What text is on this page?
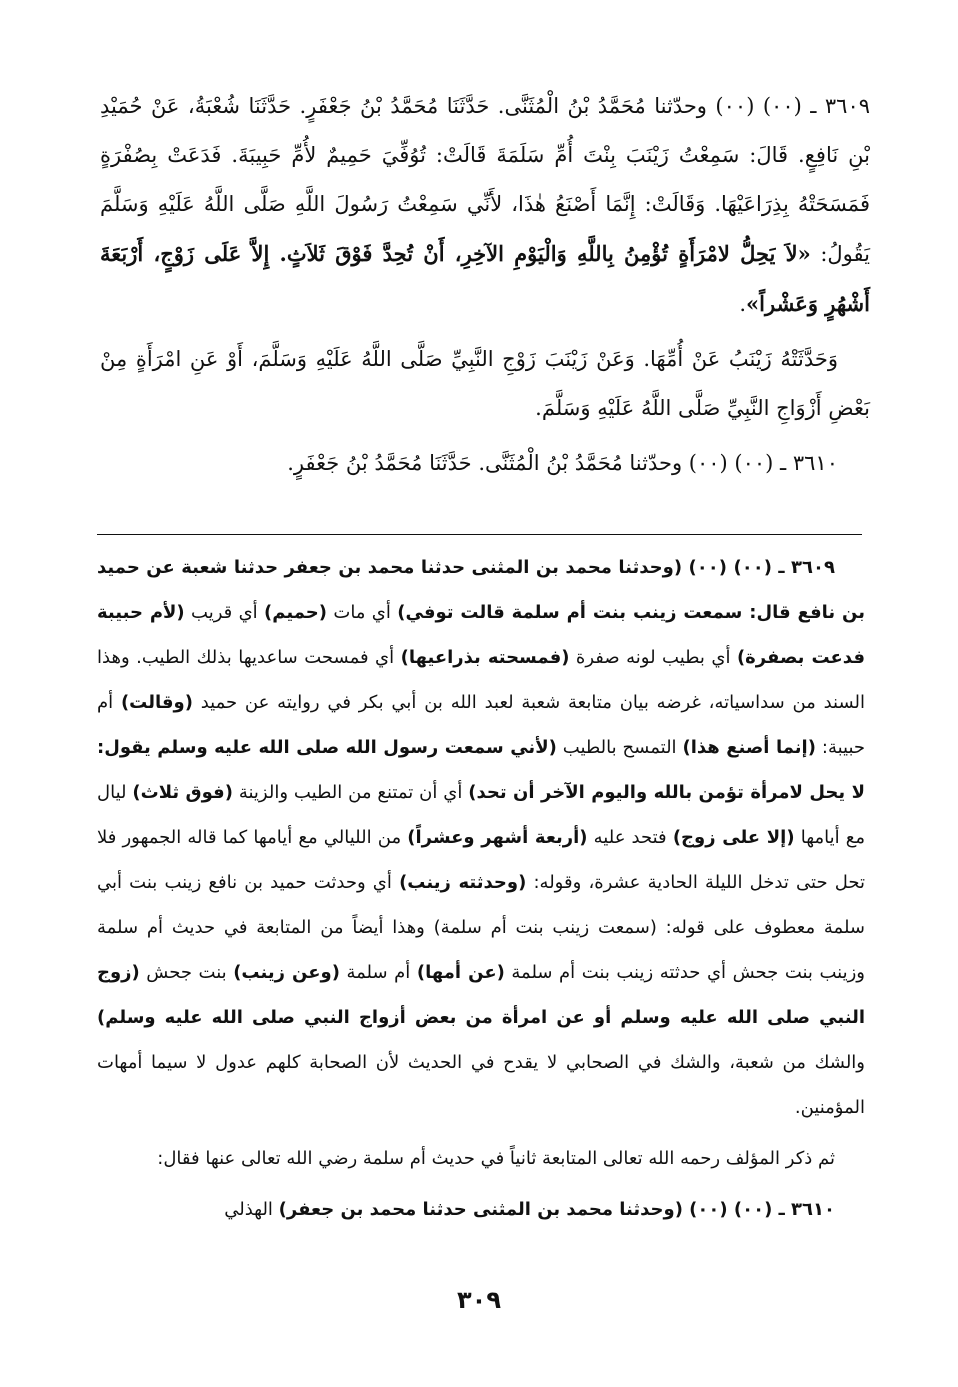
٣٦٠٩ ـ (٠٠) (٠٠) وحدّثنا مُحَمَّدُ بْنُ الْمُثَنَّى. حَدَّثَنَا مُحَمَّدُ بْنُ جَعْفَرٍ. حَدَّثَنَا شُعْبَةُ، عَنْ حُمَيْدِ بْنِ نَافِعٍ. قَالَ: سَمِعْتُ زَيْنَبَ بِنْتَ أُمِّ سَلَمَةَ قَالَتْ: تُوُفِّيَ حَمِيمٌ لأُمِّ حَبِيبَةَ. فَدَعَتْ بِصُفْرَةٍ فَمَسَحَتْهُ بِذِرَاعَيْهَا. وَقَالَتْ: إِنَّمَا أَصْنَعُ هٰذَا، لأَنِّي سَمِعْتُ رَسُولَ اللَّهِ صَلَّى اللَّهُ عَلَيْهِ وَسَلَّمَ يَقُولُ: «لاَ يَحِلُّ لامْرَأَةٍ تُؤْمِنُ بِاللَّهِ وَالْيَوْمِ الآخِرِ، أَنْ تُحِدَّ فَوْقَ ثَلاَثٍ. إِلاَّ عَلَى زَوْجٍ، أَرْبَعَةَ أَشْهُرٍ وَعَشْراً».

وَحَدَّثَتْهُ زَيْنَبُ عَنْ أُمِّهَا. وَعَنْ زَيْنَبَ زَوْجِ النَّبِيِّ صَلَّى اللَّهُ عَلَيْهِ وَسَلَّمَ، أَوْ عَنِ امْرَأَةٍ مِنْ بَعْضِ أَزْوَاجِ النَّبِيِّ صَلَّى اللَّهُ عَلَيْهِ وَسَلَّمَ.

٣٦١٠ ـ (٠٠) (٠٠) وحدّثنا مُحَمَّدُ بْنُ الْمُثَنَّى. حَدَّثَنَا مُحَمَّدُ بْنُ جَعْفَرٍ.

٣٦٠٩ ـ (٠٠) (٠٠) (وحدثنا محمد بن المثنى حدثنا محمد بن جعفر حدثنا شعبة عن حميد بن نافع قال: سمعت زينب بنت أم سلمة قالت توفي) أي مات (حميم) أي قريب (لأم حبيبة فدعت بصفرة) أي بطيب لونه صفرة (فمسحته بذراعيها) أي فمسحت ساعديها بذلك الطيب. وهذا السند من سداسياته، غرضه بيان متابعة شعبة لعبد الله بن أبي بكر في روايته عن حميد (وقالت) أم حبيبة: (إنما أصنع هذا) التمسح بالطيب (لأني سمعت رسول الله صلى الله عليه وسلم يقول: لا يحل لامرأة تؤمن بالله واليوم الآخر أن تحد) أي أن تمتنع من الطيب والزينة (فوق ثلاث) ليال مع أيامها (إلا على زوج) فتحد عليه (أربعة أشهر وعشراً) من الليالي مع أيامها كما قاله الجمهور فلا تحل حتى تدخل الليلة الحادية عشرة، وقوله: (وحدثته زينب) أي وحدثت حميد بن نافع زينب بنت أبي سلمة معطوف على قوله: (سمعت زينب بنت أم سلمة) وهذا أيضاً من المتابعة في حديث أم سلمة وزينب بنت جحش أي حدثته زينب بنت أم سلمة (عن أمها) أم سلمة (وعن زينب) بنت جحش (زوج النبي صلى الله عليه وسلم أو عن امرأة من بعض أزواج النبي صلى الله عليه وسلم) والشك من شعبة، والشك في الصحابي لا يقدح في الحديث لأن الصحابة كلهم عدول لا سيما أمهات المؤمنين.

ثم ذكر المؤلف رحمه الله تعالى المتابعة ثانياً في حديث أم سلمة رضي الله تعالى عنها فقال:

٣٦١٠ ـ (٠٠) (٠٠) (وحدثنا محمد بن المثنى حدثنا محمد بن جعفر) الهذلي

٣٠٩
